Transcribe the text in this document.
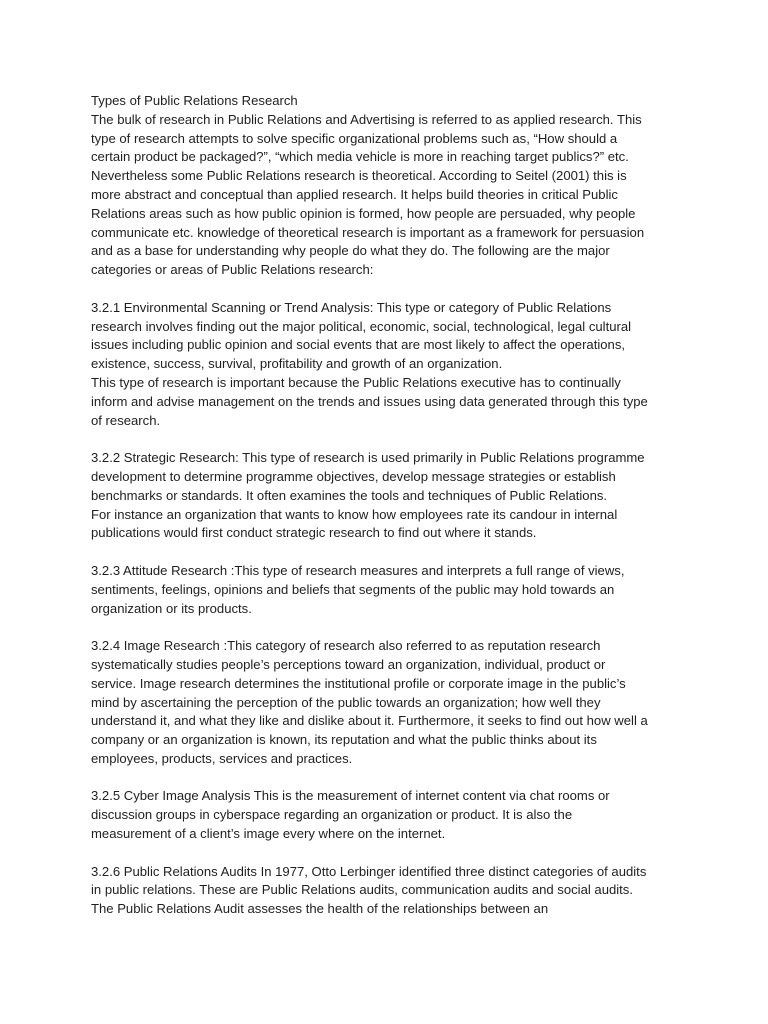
Types of Public Relations Research

The bulk of research in Public Relations and Advertising is referred to as applied research. This
type of research attempts to solve specific organizational problems such as, “How should a
certain product be packaged?”, “which media vehicle is more in reaching target publics?” etc.
Nevertheless some Public Relations research is theoretical. According to Seitel (2001) this is
more abstract and conceptual than applied research. It helps build theories in critical Public
Relations areas such as how public opinion is formed, how people are persuaded, why people
communicate etc. knowledge of theoretical research is important as a framework for persuasion
and as a base for understanding why people do what they do. The following are the major
categories or areas of Public Relations research:

3.2.1 Environmental Scanning or Trend Analysis: This type or category of Public Relations
research involves finding out the major political, economic, social, technological, legal cultural
issues including public opinion and social events that are most likely to affect the operations,
existence, success, survival, profitability and growth of an organization.
This type of research is important because the Public Relations executive has to continually
inform and advise management on the trends and issues using data generated through this type
of research.

3.2.2 Strategic Research: This type of research is used primarily in Public Relations programme
development to determine programme objectives, develop message strategies or establish
benchmarks or standards. It often examines the tools and techniques of Public Relations.
For instance an organization that wants to know how employees rate its candour in internal
publications would first conduct strategic research to find out where it stands.

3.2.3 Attitude Research :This type of research measures and interprets a full range of views,
sentiments, feelings, opinions and beliefs that segments of the public may hold towards an
organization or its products.

3.2.4 Image Research :This category of research also referred to as reputation research
systematically studies people’s perceptions toward an organization, individual, product or
service. Image research determines the institutional profile or corporate image in the public’s
mind by ascertaining the perception of the public towards an organization; how well they
understand it, and what they like and dislike about it. Furthermore, it seeks to find out how well a
company or an organization is known, its reputation and what the public thinks about its
employees, products, services and practices.

3.2.5 Cyber Image Analysis This is the measurement of internet content via chat rooms or
discussion groups in cyberspace regarding an organization or product. It is also the
measurement of a client’s image every where on the internet.

3.2.6 Public Relations Audits In 1977, Otto Lerbinger identified three distinct categories of audits
in public relations. These are Public Relations audits, communication audits and social audits.
The Public Relations Audit assesses the health of the relationships between an
